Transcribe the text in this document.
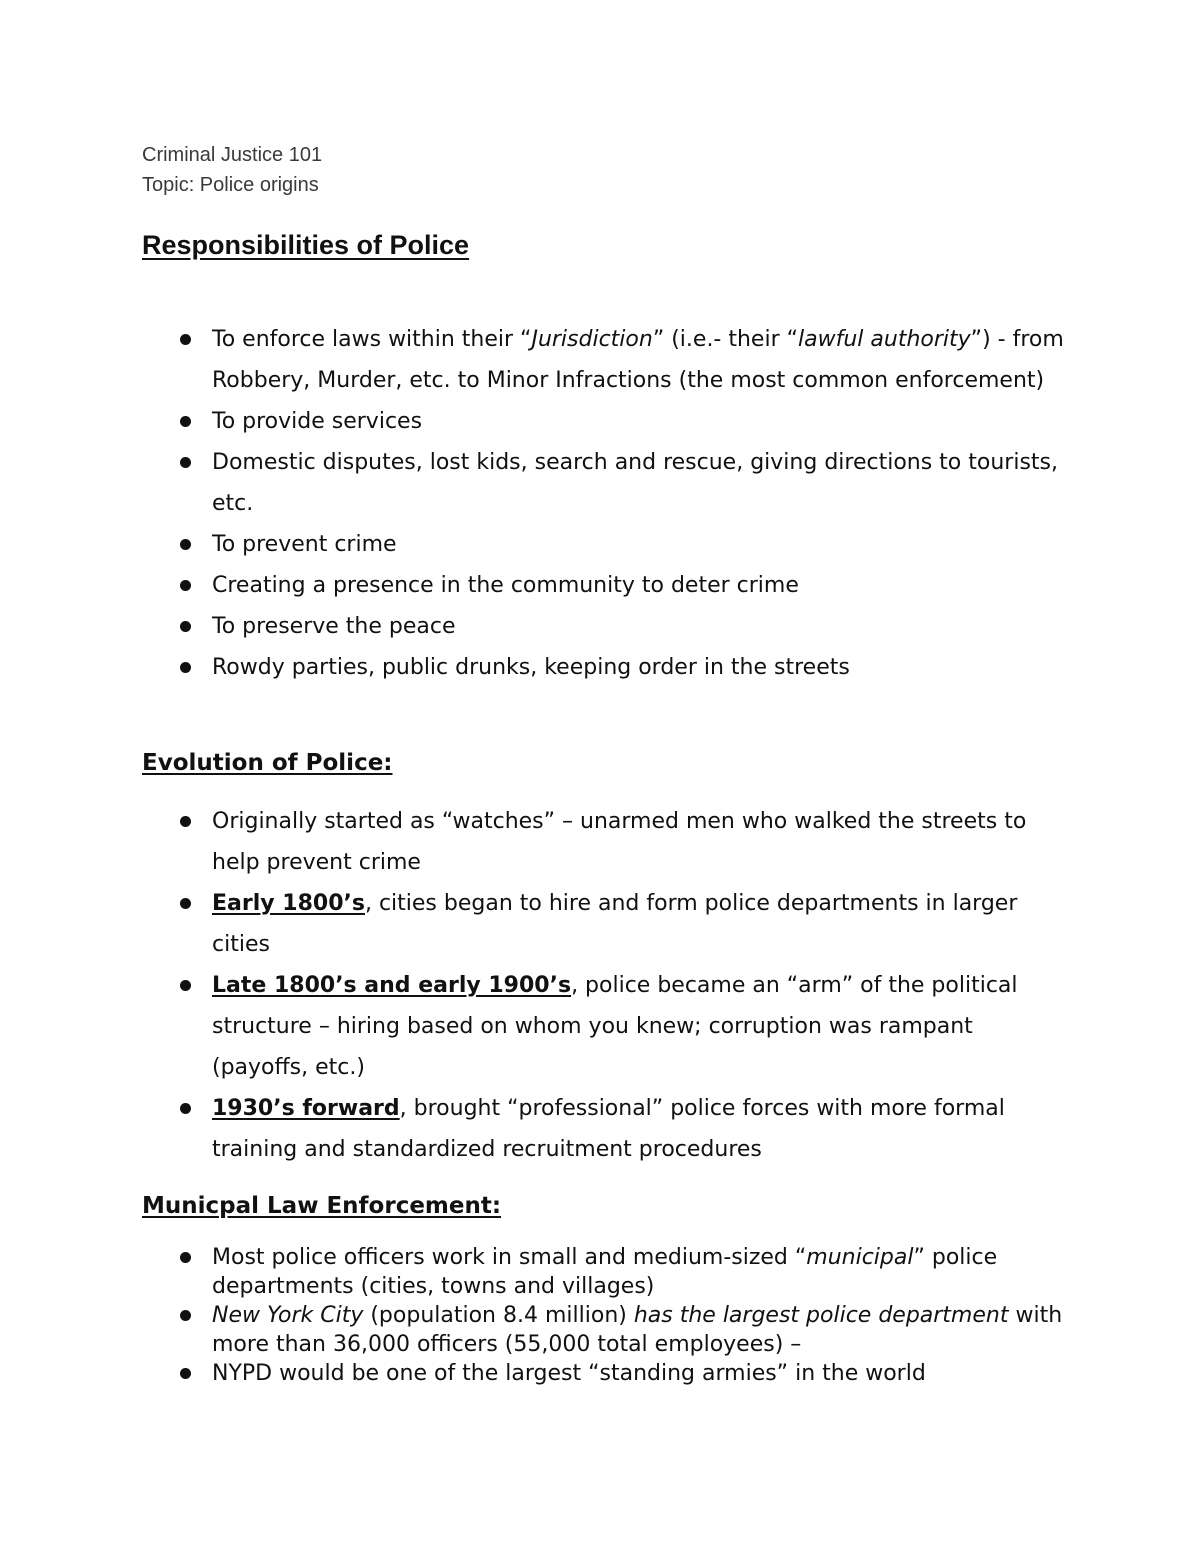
Criminal Justice 101
Topic: Police origins
Responsibilities of Police
To enforce laws within their “Jurisdiction” (i.e.- their “lawful authority”) - from Robbery, Murder, etc. to Minor Infractions (the most common enforcement)
To provide services
Domestic disputes, lost kids, search and rescue, giving directions to tourists, etc.
To prevent crime
Creating a presence in the community to deter crime
To preserve the peace
Rowdy parties, public drunks, keeping order in the streets
Evolution of Police:
Originally started as “watches” – unarmed men who walked the streets to help prevent crime
Early 1800’s, cities began to hire and form police departments in larger cities
Late 1800’s and early 1900’s, police became an “arm” of the political structure – hiring based on whom you knew; corruption was rampant (payoffs, etc.)
1930’s forward, brought “professional” police forces with more formal training and standardized recruitment procedures
Municpal Law Enforcement:
Most police officers work in small and medium-sized “municipal” police departments (cities, towns and villages)
New York City (population 8.4 million) has the largest police department with more than 36,000 officers (55,000 total employees) –
NYPD would be one of the largest “standing armies” in the world
